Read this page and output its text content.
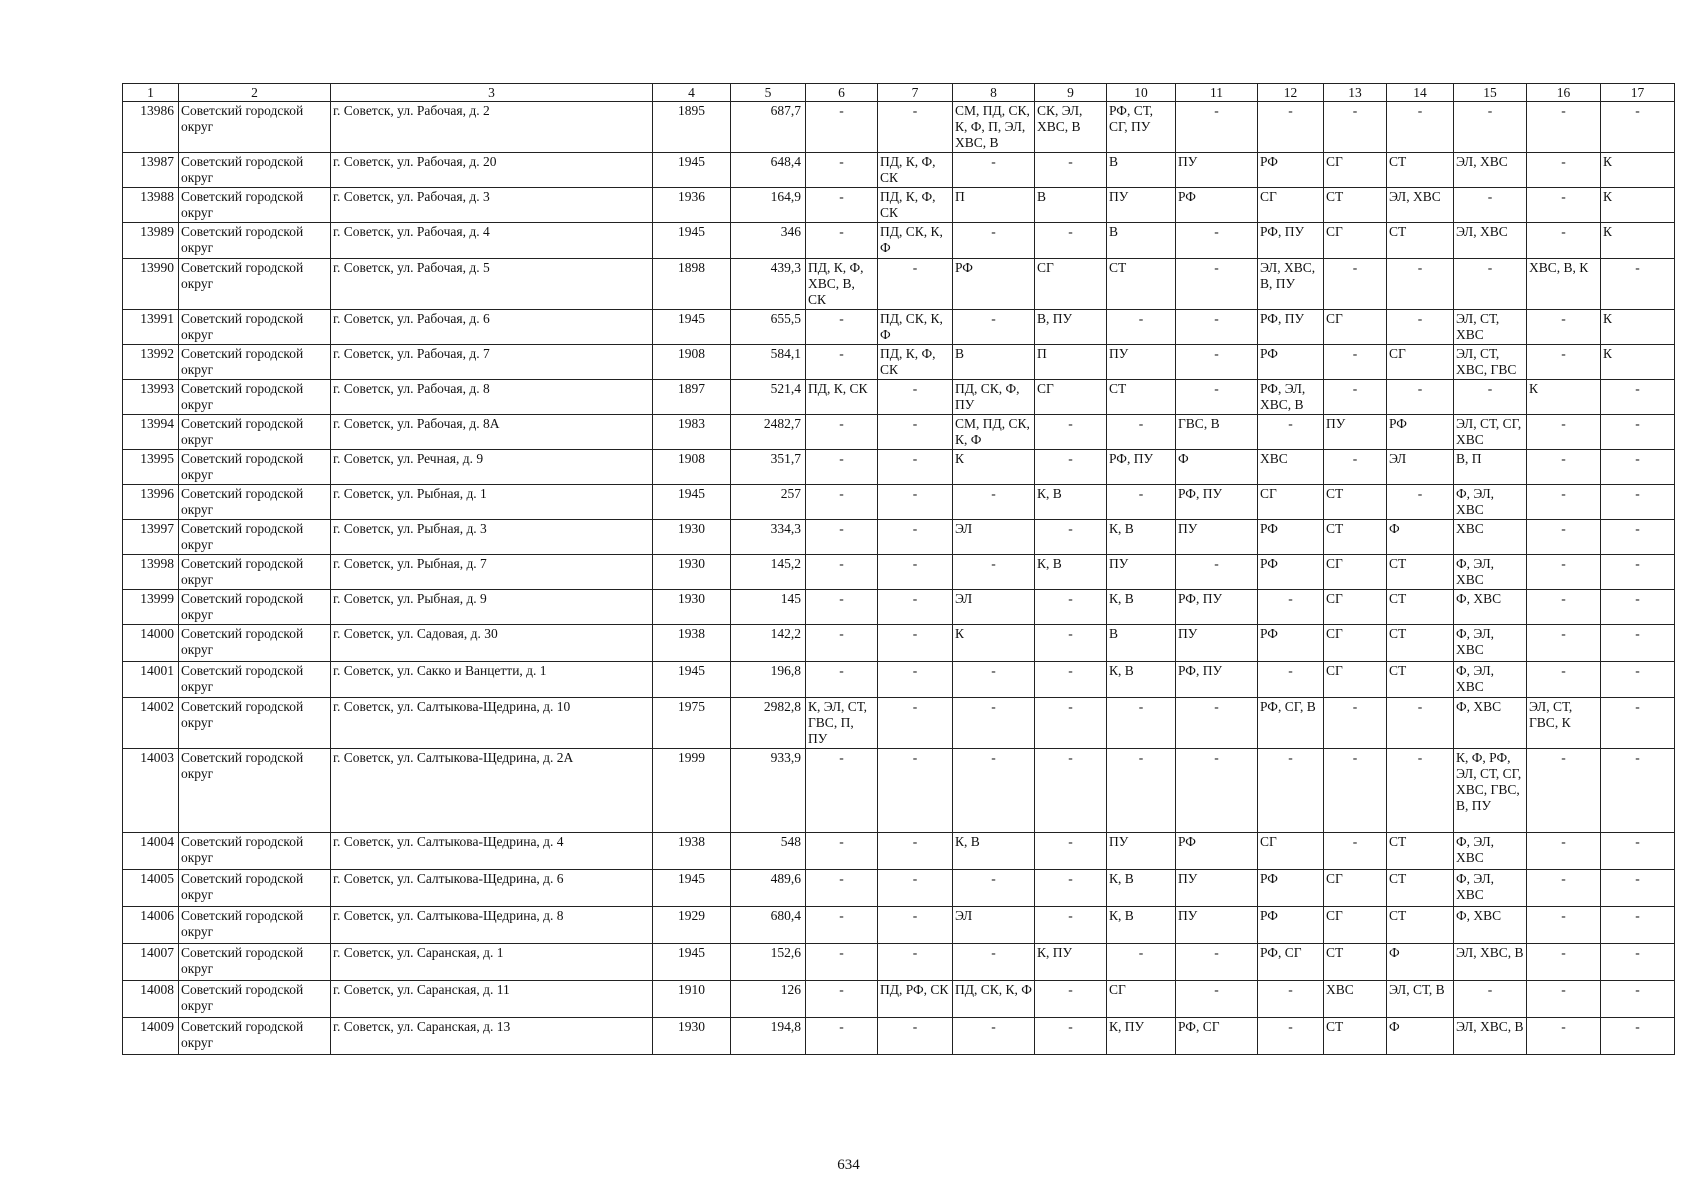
1	2	3	4	5	6	7	8	9	10	11	12	13	14	15	16	17
13986	Советский городской округ	г. Советск, ул. Рабочая, д. 2	1895	687,7	-	-	СМ, ПД, СК, К, Ф, П, ЭЛ, ХВС, В	СК, ЭЛ, ХВС, В	РФ, СТ, СГ, ПУ	-	-	-	-	-	-	-
13987	Советский городской округ	г. Советск, ул. Рабочая, д. 20	1945	648,4	-	ПД, К, Ф, СК	-	-	В	ПУ	РФ	СГ	СТ	ЭЛ, ХВС	-	К
13988	Советский городской округ	г. Советск, ул. Рабочая, д. 3	1936	164,9	-	ПД, К, Ф, СК	П	В	ПУ	РФ	СГ	СТ	ЭЛ, ХВС	-	-	К
13989	Советский городской округ	г. Советск, ул. Рабочая, д. 4	1945	346	-	ПД, СК, К, Ф	-	-	В	-	РФ, ПУ	СГ	СТ	ЭЛ, ХВС	-	К
13990	Советский городской округ	г. Советск, ул. Рабочая, д. 5	1898	439,3	ПД, К, Ф, ХВС, В, СК	-	РФ	СГ	СТ	-	ЭЛ, ХВС, В, ПУ	-	-	-	ХВС, В, К	-
13991	Советский городской округ	г. Советск, ул. Рабочая, д. 6	1945	655,5	-	ПД, СК, К, Ф	-	В, ПУ	-	-	РФ, ПУ	СГ	-	ЭЛ, СТ, ХВС	-	К
13992	Советский городской округ	г. Советск, ул. Рабочая, д. 7	1908	584,1	-	ПД, К, Ф, СК	В	П	ПУ	-	РФ	-	СГ	ЭЛ, СТ, ХВС, ГВС	-	К
13993	Советский городской округ	г. Советск, ул. Рабочая, д. 8	1897	521,4	ПД, К, СК	-	ПД, СК, Ф, ПУ	СГ	СТ	-	РФ, ЭЛ, ХВС, В	-	-	-	К	-
13994	Советский городской округ	г. Советск, ул. Рабочая, д. 8А	1983	2482,7	-	-	СМ, ПД, СК, К, Ф	-	-	ГВС, В	-	ПУ	РФ	ЭЛ, СТ, СГ, ХВС	-	-
13995	Советский городской округ	г. Советск, ул. Речная, д. 9	1908	351,7	-	-	К	-	РФ, ПУ	Ф	ХВС	-	ЭЛ	В, П	-	-
13996	Советский городской округ	г. Советск, ул. Рыбная, д. 1	1945	257	-	-	-	К, В	-	РФ, ПУ	СГ	СТ	-	Ф, ЭЛ, ХВС	-	-
13997	Советский городской округ	г. Советск, ул. Рыбная, д. 3	1930	334,3	-	-	ЭЛ	-	К, В	ПУ	РФ	СТ	Ф	ХВС	-	-
13998	Советский городской округ	г. Советск, ул. Рыбная, д. 7	1930	145,2	-	-	-	К, В	ПУ	-	РФ	СГ	СТ	Ф, ЭЛ, ХВС	-	-
13999	Советский городской округ	г. Советск, ул. Рыбная, д. 9	1930	145	-	-	ЭЛ	-	К, В	РФ, ПУ	-	СГ	СТ	Ф, ХВС	-	-
14000	Советский городской округ	г. Советск, ул. Садовая, д. 30	1938	142,2	-	-	К	-	В	ПУ	РФ	СГ	СТ	Ф, ЭЛ, ХВС	-	-
14001	Советский городской округ	г. Советск, ул. Сакко и Ванцетти, д. 1	1945	196,8	-	-	-	-	К, В	РФ, ПУ	-	СГ	СТ	Ф, ЭЛ, ХВС	-	-
14002	Советский городской округ	г. Советск, ул. Салтыкова-Щедрина, д. 10	1975	2982,8	К, ЭЛ, СТ, ГВС, П, ПУ	-	-	-	-	-	РФ, СГ, В	-	-	Ф, ХВС	ЭЛ, СТ, ГВС, К	-
14003	Советский городской округ	г. Советск, ул. Салтыкова-Щедрина, д. 2А	1999	933,9	-	-	-	-	-	-	-	-	-	К, Ф, РФ, ЭЛ, СТ, СГ, ХВС, ГВС, В, ПУ	-	-
14004	Советский городской округ	г. Советск, ул. Салтыкова-Щедрина, д. 4	1938	548	-	-	К, В	-	ПУ	РФ	СГ	-	СТ	Ф, ЭЛ, ХВС	-	-
14005	Советский городской округ	г. Советск, ул. Салтыкова-Щедрина, д. 6	1945	489,6	-	-	-	-	К, В	ПУ	РФ	СГ	СТ	Ф, ЭЛ, ХВС	-	-
14006	Советский городской округ	г. Советск, ул. Салтыкова-Щедрина, д. 8	1929	680,4	-	-	ЭЛ	-	К, В	ПУ	РФ	СГ	СТ	Ф, ХВС	-	-
14007	Советский городской округ	г. Советск, ул. Саранская, д. 1	1945	152,6	-	-	-	К, ПУ	-	-	РФ, СГ	СТ	Ф	ЭЛ, ХВС, В	-	-
14008	Советский городской округ	г. Советск, ул. Саранская, д. 11	1910	126	-	ПД, РФ, СК	ПД, СК, К, Ф	-	СГ	-	-	ХВС	ЭЛ, СТ, В	-	-	-
14009	Советский городской округ	г. Советск, ул. Саранская, д. 13	1930	194,8	-	-	-	-	К, ПУ	РФ, СГ	-	СТ	Ф	ЭЛ, ХВС, В	-	-
634
